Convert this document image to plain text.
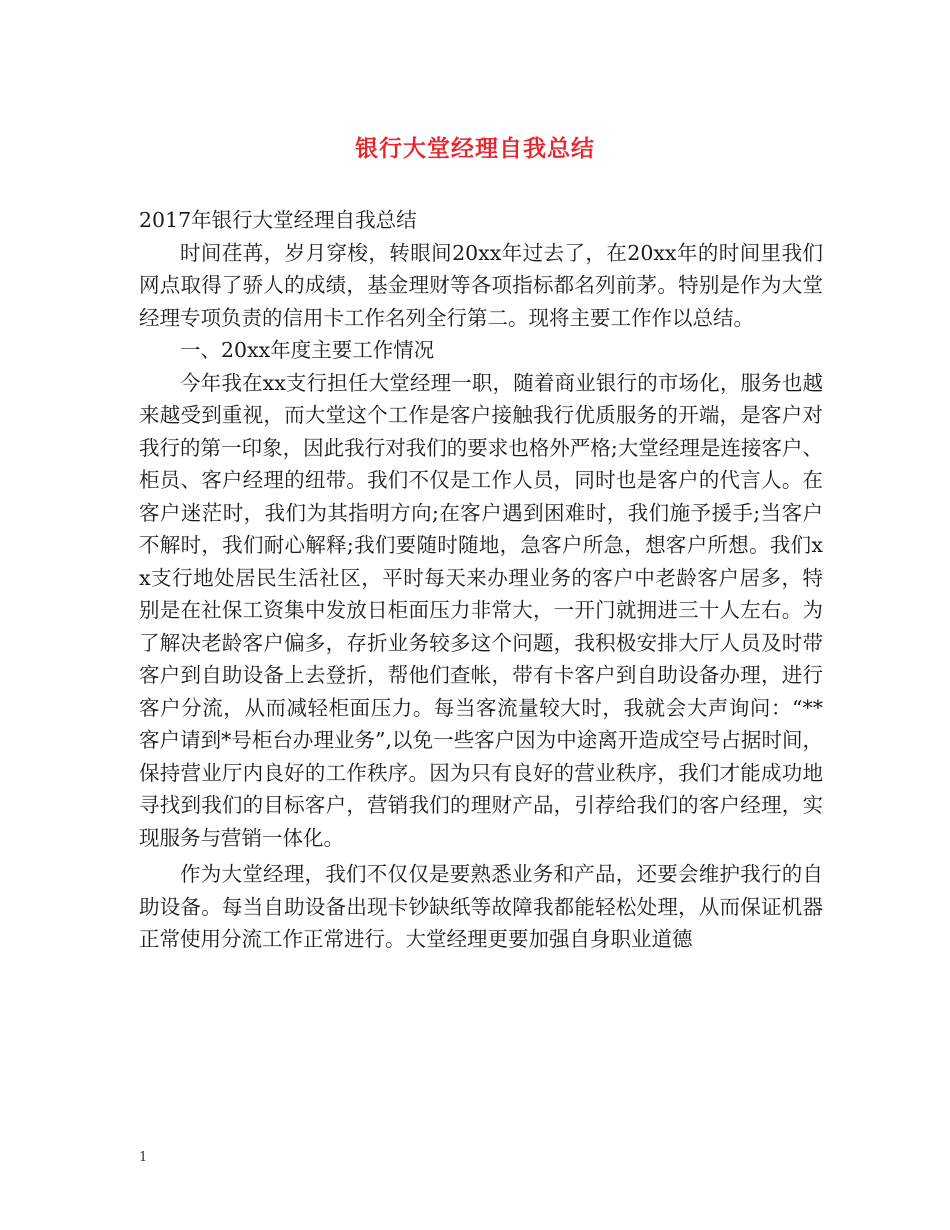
银行大堂经理自我总结

2017年银行大堂经理自我总结

时间荏苒，岁月穿梭，转眼间20xx年过去了，在20xx年的时间里我们网点取得了骄人的成绩，基金理财等各项指标都名列前茅。特别是作为大堂经理专项负责的信用卡工作名列全行第二。现将主要工作作以总结。

一、20xx年度主要工作情况

今年我在xx支行担任大堂经理一职，随着商业银行的市场化，服务也越来越受到重视，而大堂这个工作是客户接触我行优质服务的开端，是客户对我行的第一印象，因此我行对我们的要求也格外严格;大堂经理是连接客户、柜员、客户经理的纽带。我们不仅是工作人员，同时也是客户的代言人。在客户迷茫时，我们为其指明方向;在客户遇到困难时，我们施予援手;当客户不解时，我们耐心解释;我们要随时随地，急客户所急，想客户所想。我们xx支行地处居民生活社区，平时每天来办理业务的客户中老龄客户居多，特别是在社保工资集中发放日柜面压力非常大，一开门就拥进三十人左右。为了解决老龄客户偏多，存折业务较多这个问题，我积极安排大厅人员及时带客户到自助设备上去登折，帮他们查帐，带有卡客户到自助设备办理，进行客户分流，从而减轻柜面压力。每当客流量较大时，我就会大声询问：“**客户请到*号柜台办理业务”,以免一些客户因为中途离开造成空号占据时间，保持营业厅内良好的工作秩序。因为只有良好的营业秩序，我们才能成功地寻找到我们的目标客户，营销我们的理财产品，引荐给我们的客户经理，实现服务与营销一体化。

作为大堂经理，我们不仅仅是要熟悉业务和产品，还要会维护我行的自助设备。每当自助设备出现卡钞缺纸等故障我都能轻松处理，从而保证机器正常使用分流工作正常进行。大堂经理更要加强自身职业道德

1
